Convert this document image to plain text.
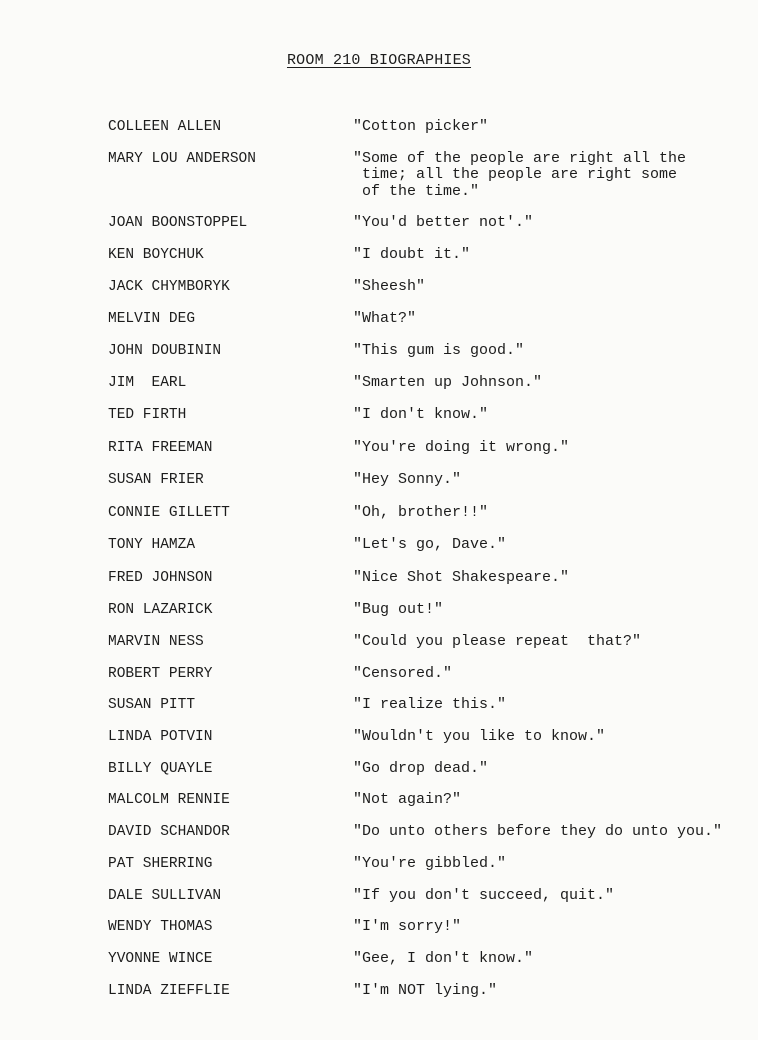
ROOM 210 BIOGRAPHIES
COLLEEN ALLEN	"Cotton picker"
MARY LOU ANDERSON	"Some of the people are right all the
time; all the people are right some
of the time."
JOAN BOONSTOPPEL	"You'd better not'."
KEN BOYCHUK	"I doubt it."
JACK CHYMBORYK	"Sheesh"
MELVIN DEG	"What?"
JOHN DOUBININ	"This gum is good."
JIM  EARL	"Smarten up Johnson."
TED FIRTH	"I don't know."
RITA FREEMAN	"You're doing it wrong."
SUSAN FRIER	"Hey Sonny."
CONNIE GILLETT	"Oh, brother!!"
TONY HAMZA	"Let's go, Dave."
FRED JOHNSON	"Nice Shot Shakespeare."
RON LAZARICK	"Bug out!"
MARVIN NESS	"Could you please repeat  that?"
ROBERT PERRY	"Censored."
SUSAN PITT	"I realize this."
LINDA POTVIN	"Wouldn't you like to know."
BILLY QUAYLE	"Go drop dead."
MALCOLM RENNIE	"Not again?"
DAVID SCHANDOR	"Do unto others before they do unto you."
PAT SHERRING	"You're gibbled."
DALE SULLIVAN	"If you don't succeed, quit."
WENDY THOMAS	"I'm sorry!"
YVONNE WINCE	"Gee, I don't know."
LINDA ZIEFFLIE	"I'm NOT lying."
